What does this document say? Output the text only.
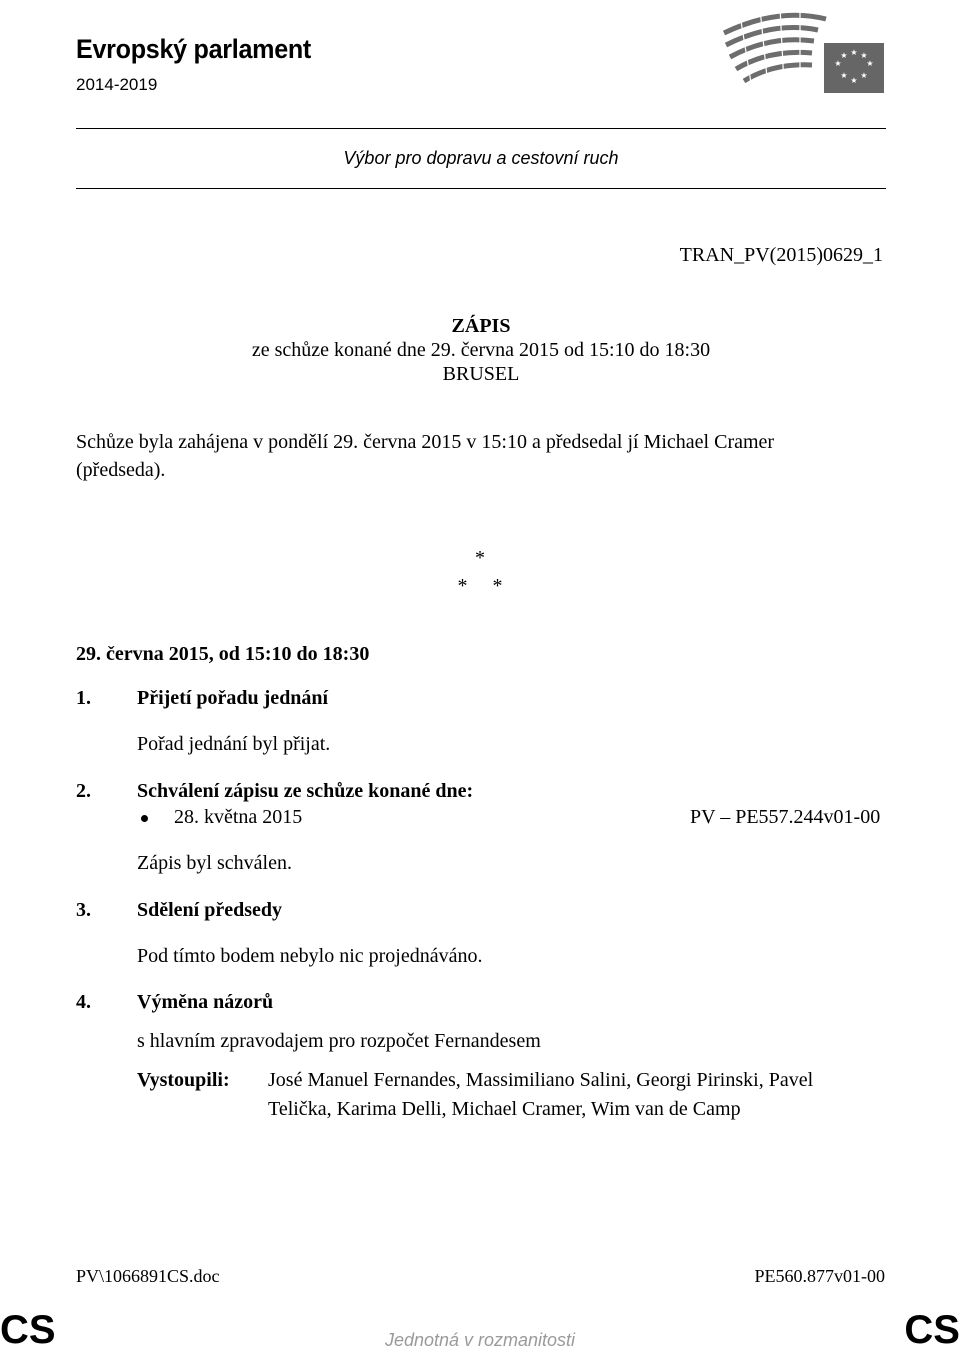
Evropský parlament
2014-2019
★ ★
★
★
★
★
★
★
Výbor pro dopravu a cestovní ruch
TRAN_PV(2015)0629_1
ZÁPIS
ze schůze konané dne 29. června 2015 od 15:10 do 18:30
BRUSEL
Schůze byla zahájena v pondělí 29. června 2015 v 15:10 a předsedal jí Michael Cramer
(předseda).
*
*     *
29. června 2015, od 15:10 do 18:30
1. Přijetí pořadu jednání
Pořad jednání byl přijat.
2. Schválení zápisu ze schůze konané dne:
28. května 2015	PV – PE557.244v01-00
Zápis byl schválen.
3. Sdělení předsedy
Pod tímto bodem nebylo nic projednáváno.
4. Výměna názorů
s hlavním zpravodajem pro rozpočet Fernandesem
Vystoupili: José Manuel Fernandes, Massimiliano Salini, Georgi Pirinski, Pavel
Telička, Karima Delli, Michael Cramer, Wim van de Camp
PV\1066891CS.doc	PE560.877v01-00
CS	CS
Jednotná v rozmanitosti
